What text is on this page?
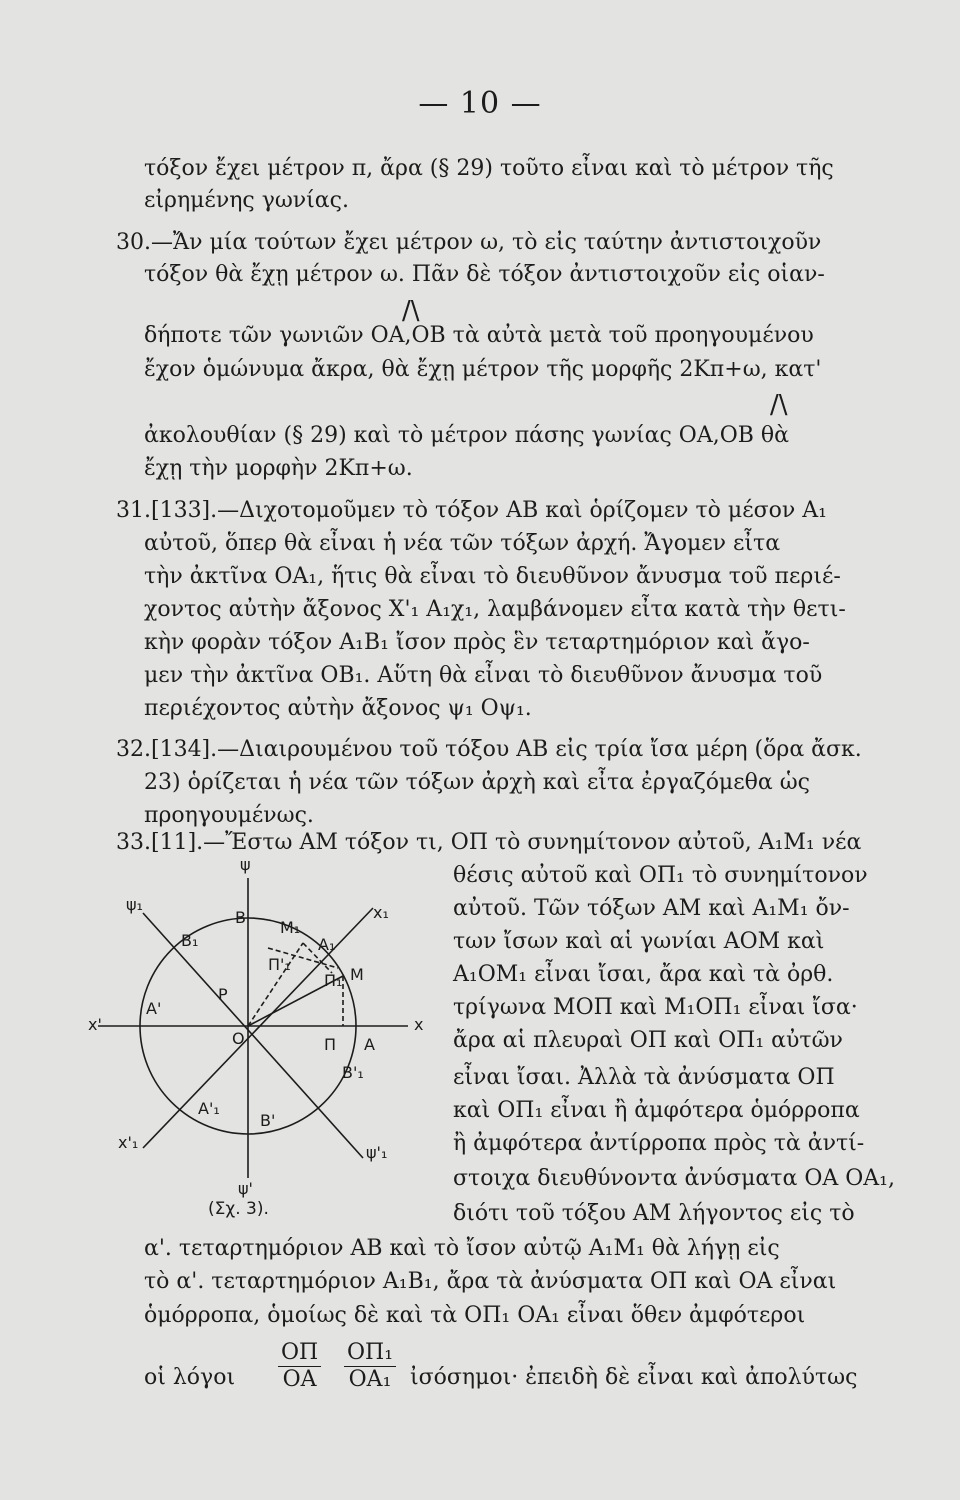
— 10 —
τόξον ἔχει μέτρον π, ἄρα (§ 29) τοῦτο εἶναι καὶ τὸ μέτρον τῆς
εἰρημένης γωνίας.
30.—Ἄν μία τούτων ἔχει μέτρον ω, τὸ εἰς ταύτην ἀντιστοιχοῦν
τόξον θὰ ἔχῃ μέτρον ω. Πᾶν δὲ τόξον ἀντιστοιχοῦν εἰς οἱαν-
/\
δήποτε τῶν γωνιῶν OA,OB τὰ αὐτὰ μετὰ τοῦ προηγουμένου
ἔχον ὁμώνυμα ἄκρα, θὰ ἔχῃ μέτρον τῆς μορφῆς 2Κπ+ω, κατ'
/\
ἀκολουθίαν (§ 29) καὶ τὸ μέτρον πάσης γωνίας OA,OB θὰ
ἔχῃ τὴν μορφὴν 2Κπ+ω.
31.[133].—Διχοτομοῦμεν τὸ τόξον AB καὶ ὁρίζομεν τὸ μέσον A₁
αὐτοῦ, ὅπερ θὰ εἶναι ἡ νέα τῶν τόξων ἀρχή. Ἄγομεν εἶτα
τὴν ἀκτῖνα OA₁, ἥτις θὰ εἶναι τὸ διευθῦνον ἄνυσμα τοῦ περιέ-
χοντος αὐτὴν ἄξονος X'₁ A₁χ₁, λαμβάνομεν εἶτα κατὰ τὴν θετι-
κὴν φορὰν τόξον A₁B₁ ἴσον πρὸς ἓν τεταρτημόριον καὶ ἄγο-
μεν τὴν ἀκτῖνα OB₁. Αὕτη θὰ εἶναι τὸ διευθῦνον ἄνυσμα τοῦ
περιέχοντος αὐτὴν ἄξονος ψ₁ Oψ₁.
32.[134].—Διαιρουμένου τοῦ τόξου AB εἰς τρία ἴσα μέρη (ὅρα ἄσκ.
23) ὁρίζεται ἡ νέα τῶν τόξων ἀρχὴ καὶ εἶτα ἐργαζόμεθα ὡς
προηγουμένως.
33.[11].—Ἔστω AM τόξον τι, ΟΠ τὸ συνημίτονον αὐτοῦ, A₁M₁ νέα
θέσις αὐτοῦ καὶ ΟΠ₁ τὸ συνημίτονον
αὐτοῦ. Τῶν τόξων AM καὶ A₁M₁ ὄν-
των ἴσων καὶ αἱ γωνίαι AOM καὶ
A₁OM₁ εἶναι ἴσαι, ἄρα καὶ τὰ ὀρθ.
τρίγωνα ΜΟΠ καὶ Μ₁ΟΠ₁ εἶναι ἴσα·
ἄρα αἱ πλευραὶ ΟΠ καὶ ΟΠ₁ αὐτῶν
εἶναι ἴσαι. Ἀλλὰ τὰ ἀνύσματα ΟΠ
καὶ ΟΠ₁ εἶναι ἢ ἀμφότερα ὁμόρροπα
ἢ ἀμφότερα ἀντίρροπα πρὸς τὰ ἀντί-
στοιχα διευθύνοντα ἀνύσματα ΟΑ ΟΑ₁,
διότι τοῦ τόξου AM λήγοντος εἰς τὸ
α'. τεταρτημόριον AB καὶ τὸ ἴσον αὐτῷ A₁M₁ θὰ λήγῃ εἰς
τὸ α'. τεταρτημόριον A₁B₁, ἄρα τὰ ἀνύσματα ΟΠ καὶ ΟΑ εἶναι
ὁμόρροπα, ὁμοίως δὲ καὶ τὰ ΟΠ₁ ΟΑ₁ εἶναι ὅθεν ἀμφότεροι
οἱ λόγοι $\frac{O\Pi}{OA} \frac{\text{ΟΠ₁}}{\text{ΟΑ₁}}$ ἰσόσημοι· ἐπειδὴ δὲ εἶναι καὶ ἀπολύτως
ψ
ψ₁	x₁
B
M₁
B₁	A₁
Π'₁
Π₁ M
A'
P
x'
O	Π A
x
B'₁
A'₁
B'
x'₁
ψ'₁
ψ'
(Σχ. 3).
